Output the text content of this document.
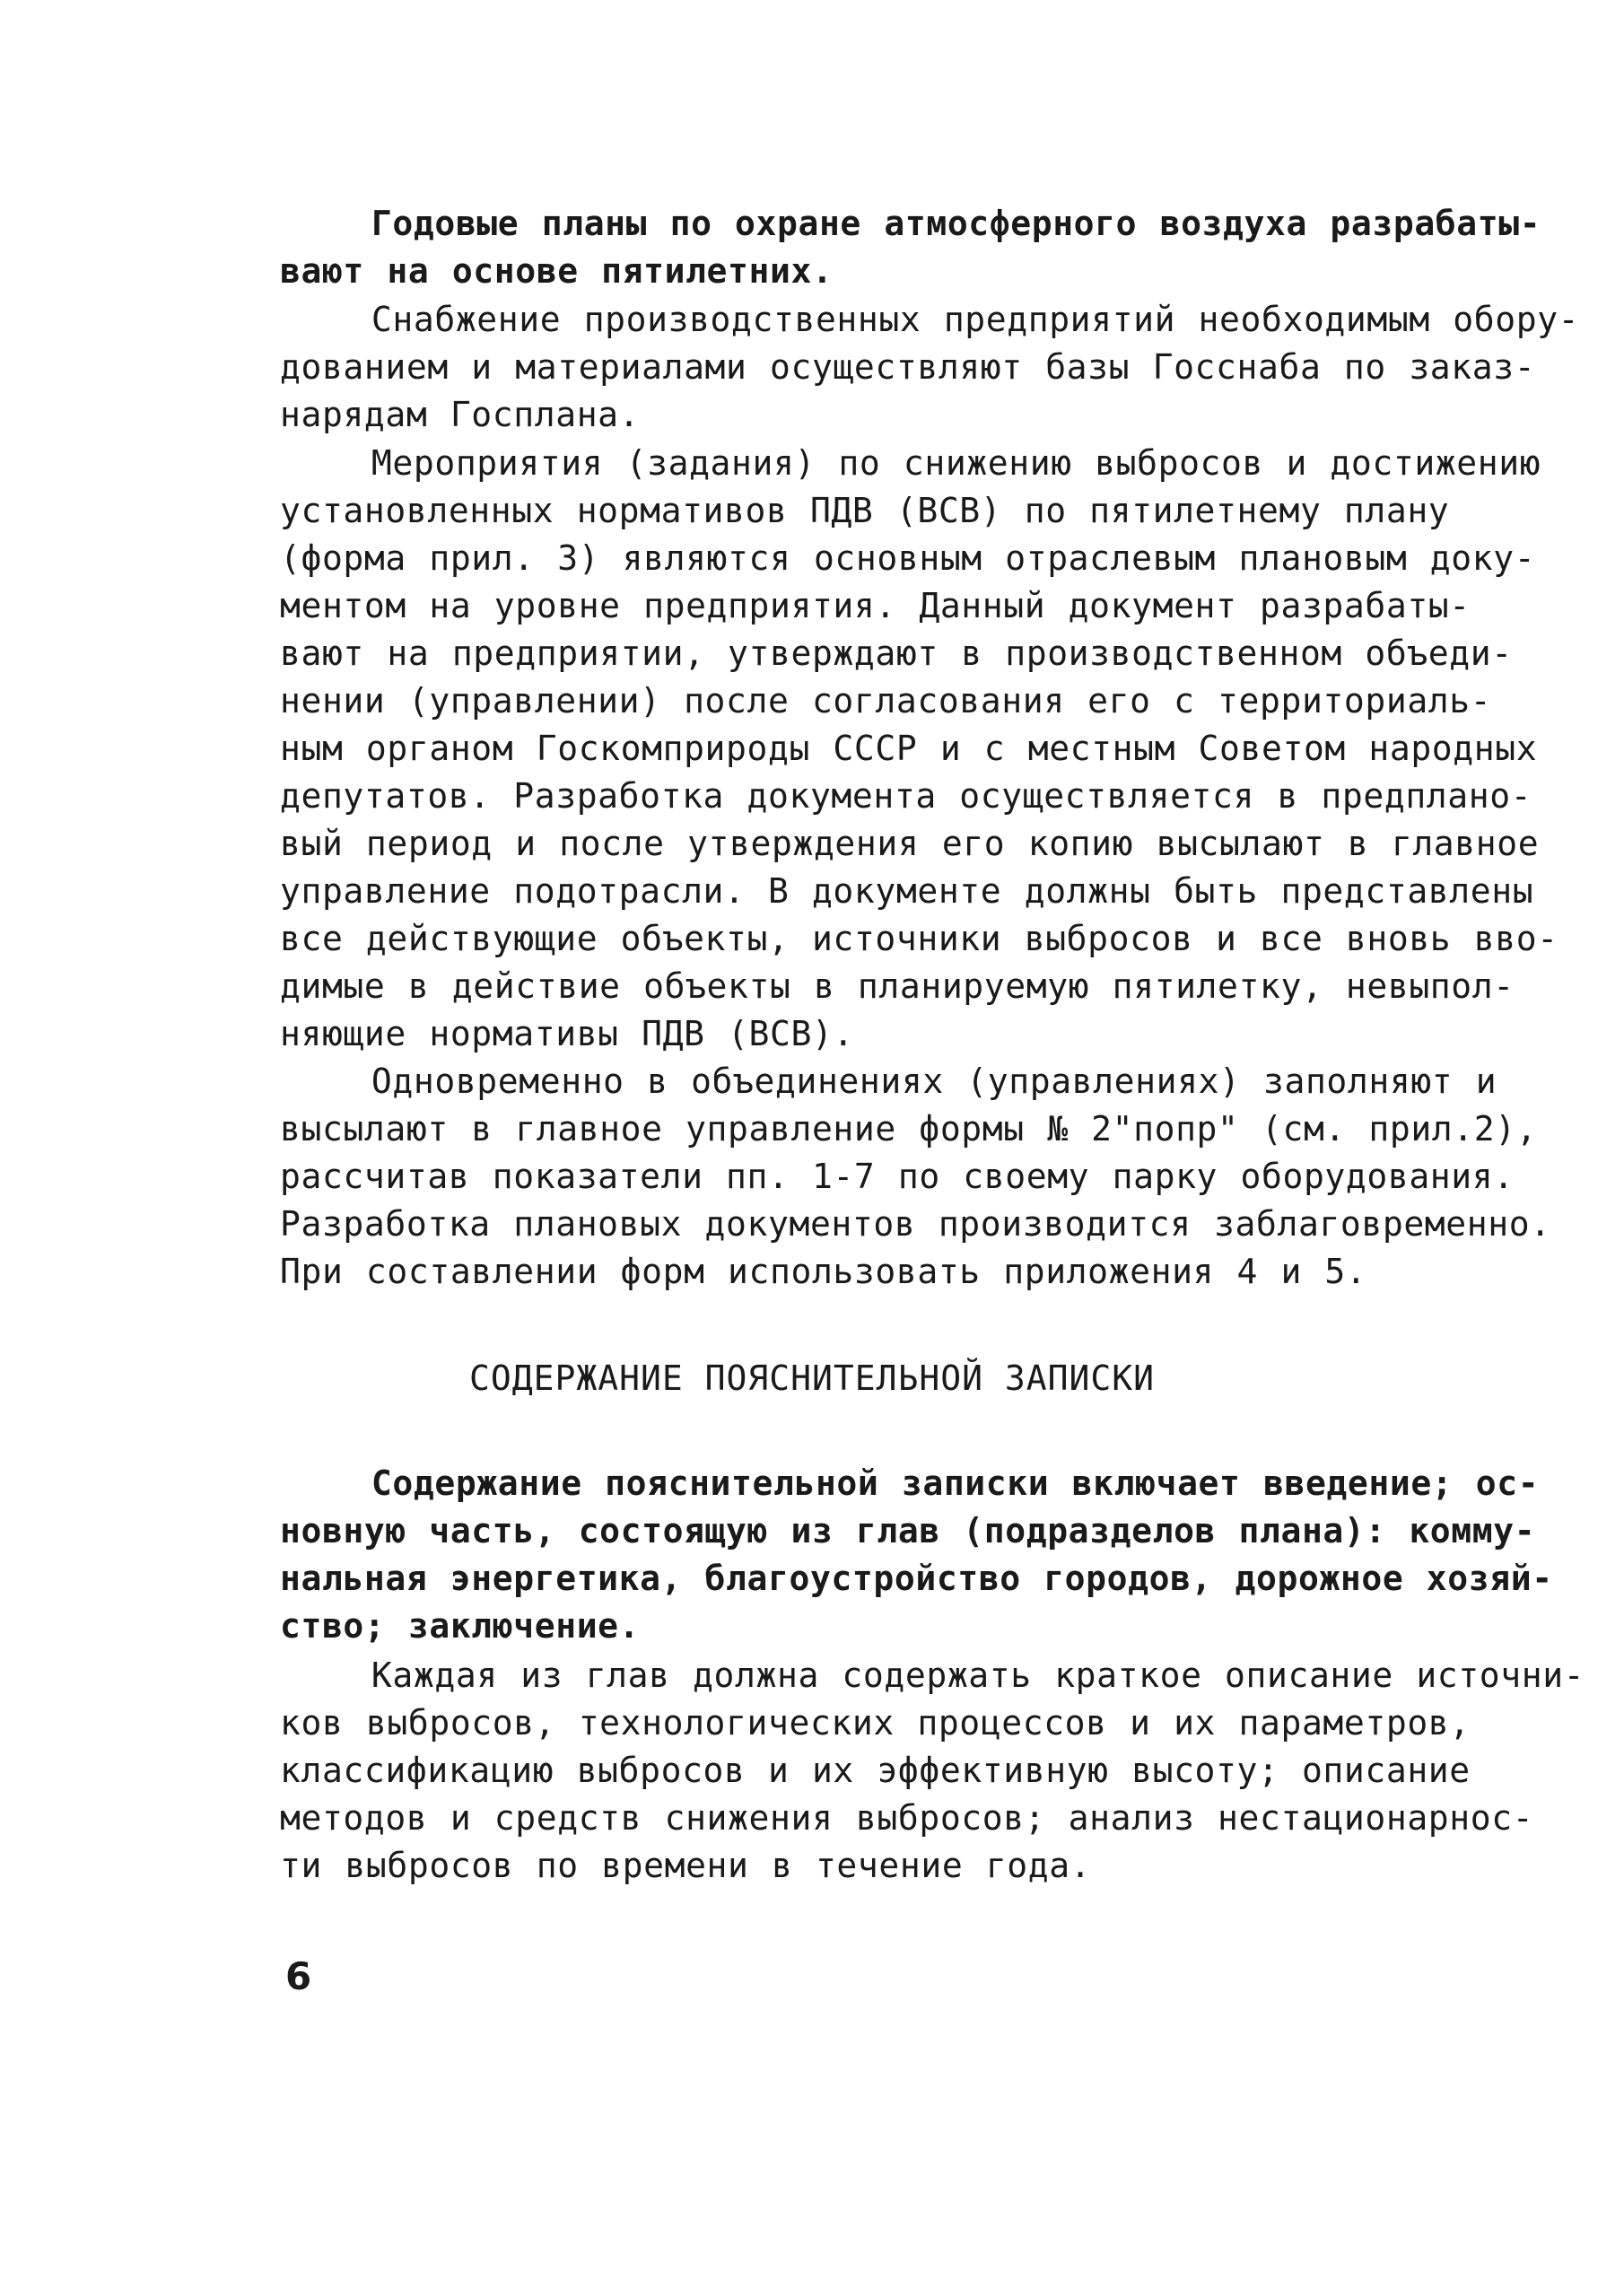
Годовые планы по охране атмосферного воздуха разрабаты-
вают на основе пятилетних.
Снабжение производственных предприятий необходимым обору-
дованием и материалами осуществляют базы Госснаба по заказ-
нарядам Госплана.
Мероприятия (задания) по снижению выбросов и достижению
установленных нормативов ПДВ (ВСВ) по пятилетнему плану
(форма прил. 3) являются основным отраслевым плановым доку-
ментом на уровне предприятия. Данный документ разрабаты-
вают на предприятии, утверждают в производственном объеди-
нении (управлении) после согласования его с территориаль-
ным органом Госкомприроды СССР и с местным Советом народных
депутатов. Разработка документа осуществляется в предплано-
вый период и после утверждения его копию высылают в главное
управление подотрасли. В документе должны быть представлены
все действующие объекты, источники выбросов и все вновь вво-
димые в действие объекты в планируемую пятилетку, невыпол-
няющие нормативы ПДВ (ВСВ).
Одновременно в объединениях (управлениях) заполняют и
высылают в главное управление формы № 2"попр" (см. прил.2),
рассчитав показатели пп. 1-7 по своему парку оборудования.
Разработка плановых документов производится заблаговременно.
При составлении форм использовать приложения 4 и 5.
СОДЕРЖАНИЕ ПОЯСНИТЕЛЬНОЙ ЗАПИСКИ
Содержание пояснительной записки включает введение; ос-
новную часть, состоящую из глав (подразделов плана): комму-
нальная энергетика, благоустройство городов, дорожное хозяй-
ство; заключение.
Каждая из глав должна содержать краткое описание источни-
ков выбросов, технологических процессов и их параметров,
классификацию выбросов и их эффективную высоту; описание
методов и средств снижения выбросов; анализ нестационарнос-
ти выбросов по времени в течение года.
6
